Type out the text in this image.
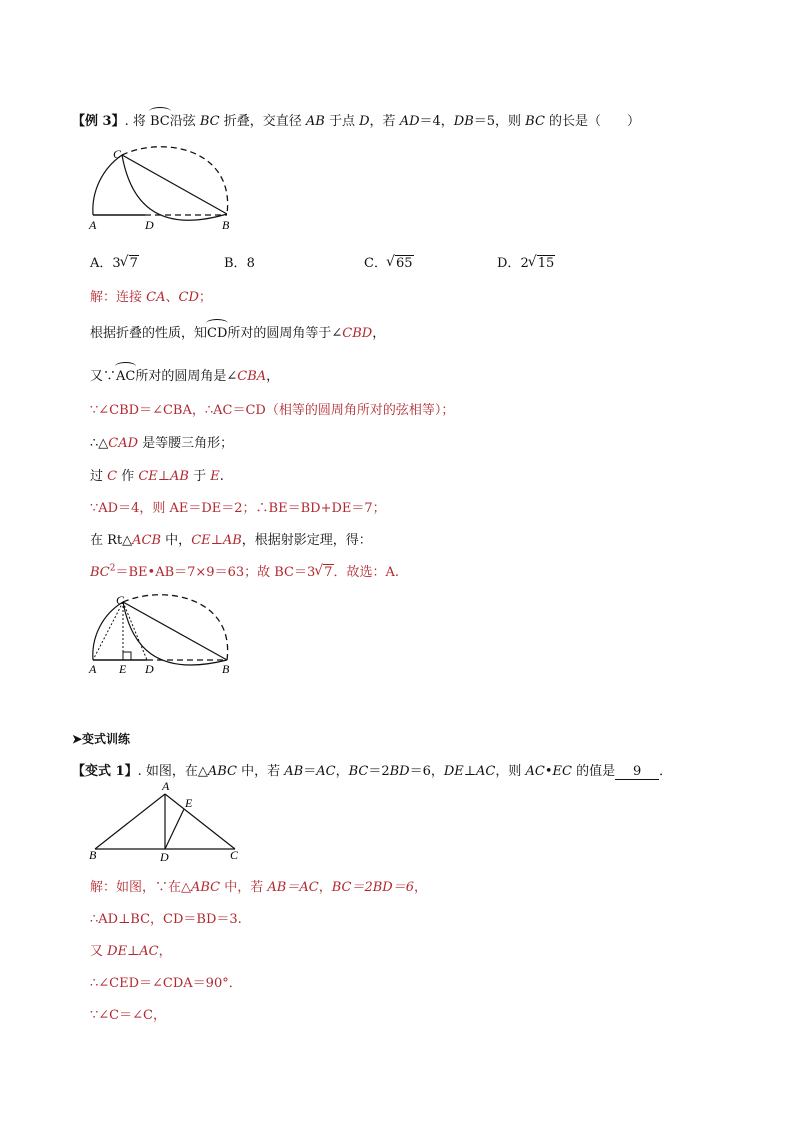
【例 3】. 将 BC沿弦 BC 折叠，交直径 AB 于点 D，若 AD＝4，DB＝5，则 BC 的长是（　　）
C
A	D	B
A．3 √ 7	B．8	C． √ 65	D．2 √ 15
解：连接 CA、CD；
根据折叠的性质，知CD所对的圆周角等于∠CBD，
又∵AC所对的圆周角是∠CBA，
∵∠CBD＝∠CBA，∴AC＝CD（相等的圆周角所对的弦相等）；
∴△CAD 是等腰三角形；
过 C 作 CE⊥AB 于 E.
∵AD＝4，则 AE＝DE＝2；∴BE＝BD+DE＝7；
在 Rt△ACB 中，CE⊥AB，根据射影定理，得：
$BC^2=BE•AB=7\times 9=63$；故 BC＝3 √ 7．故选：A.
C
A E D	B
➤变式训练
【变式 1】. 如图，在△ABC 中，若 AB＝AC，BC＝2BD＝6，DE⊥AC，则 AC•EC 的值是 9 ．
A
E
B	D	C
解：如图，∵在△ABC 中，若 AB＝AC，BC＝2BD＝6，
∴AD⊥BC，CD＝BD＝3.
又 DE⊥AC，
∴∠CED＝∠CDA＝90°．
∵∠C＝∠C，
